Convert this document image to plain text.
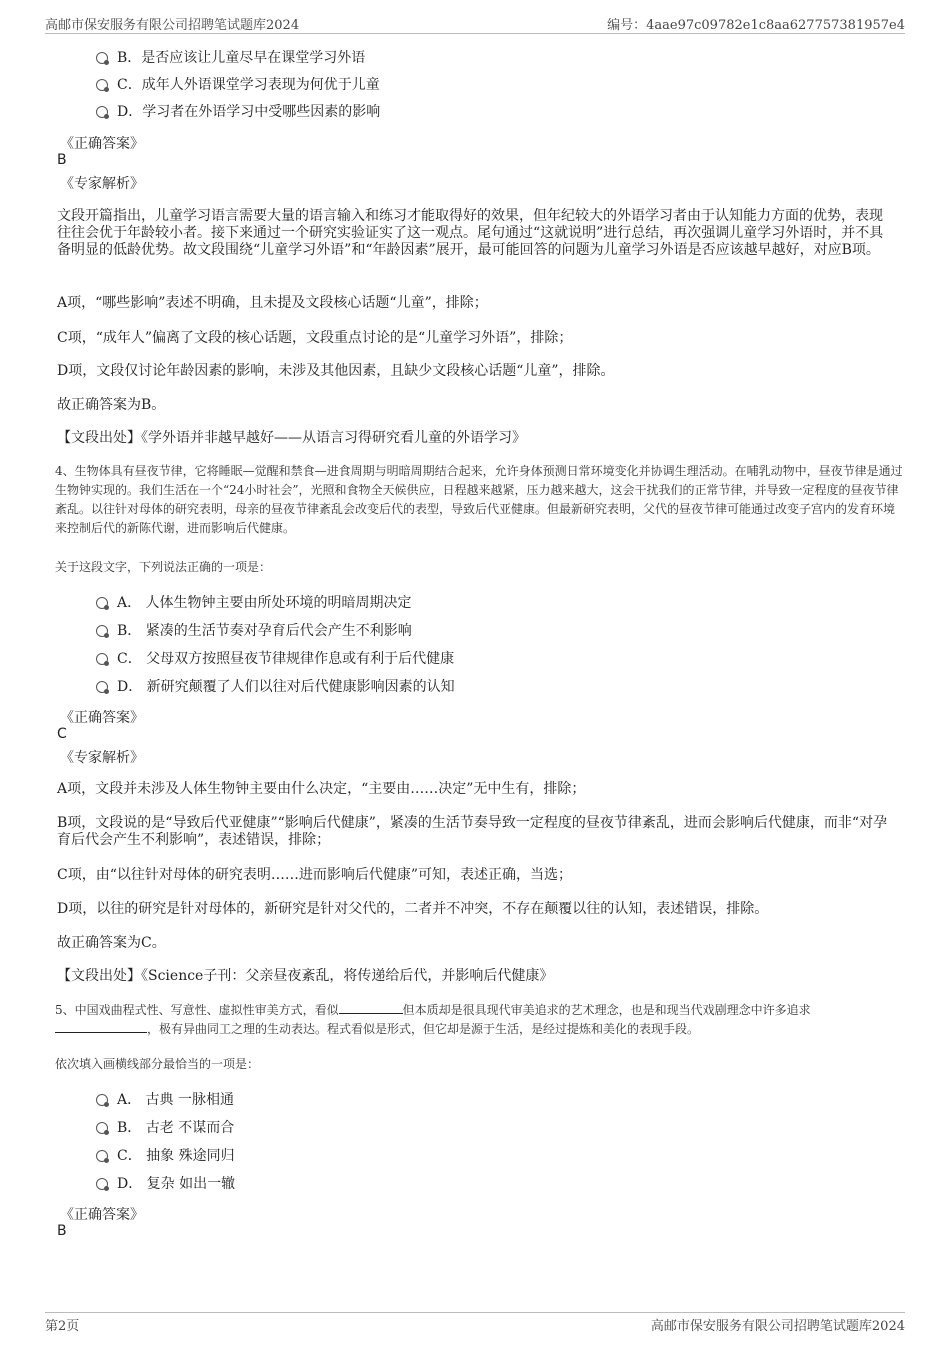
高邮市保安服务有限公司招聘笔试题库2024	编号：4aae97c09782e1c8aa627757381957e4
B．是否应该让儿童尽早在课堂学习外语
C．成年人外语课堂学习表现为何优于儿童
D．学习者在外语学习中受哪些因素的影响
《正确答案》
B
《专家解析》
文段开篇指出，儿童学习语言需要大量的语言输入和练习才能取得好的效果，但年纪较大的外语学习者由于认知能力方面的优势，表现往往会优于年龄较小者。接下来通过一个研究实验证实了这一观点。尾句通过“这就说明”进行总结，再次强调儿童学习外语时，并不具备明显的低龄优势。故文段围绕“儿童学习外语”和“年龄因素”展开，最可能回答的问题为儿童学习外语是否应该越早越好，对应B项。
A项，“哪些影响”表述不明确，且未提及文段核心话题“儿童”，排除；
C项，“成年人”偏离了文段的核心话题，文段重点讨论的是“儿童学习外语”，排除；
D项，文段仅讨论年龄因素的影响，未涉及其他因素，且缺少文段核心话题“儿童”，排除。
故正确答案为B。
【文段出处】《学外语并非越早越好——从语言习得研究看儿童的外语学习》
4、生物体具有昼夜节律，它将睡眠—觉醒和禁食—进食周期与明暗周期结合起来，允许身体预测日常环境变化并协调生理活动。在哺乳动物中，昼夜节律是通过生物钟实现的。我们生活在一个“24小时社会”，光照和食物全天候供应，日程越来越紧，压力越来越大，这会干扰我们的正常节律，并导致一定程度的昼夜节律紊乱。以往针对母体的研究表明，母亲的昼夜节律紊乱会改变后代的表型，导致后代亚健康。但最新研究表明，父代的昼夜节律可能通过改变子宫内的发育环境来控制后代的新陈代谢，进而影响后代健康。
关于这段文字，下列说法正确的一项是：
A． 人体生物钟主要由所处环境的明暗周期决定
B． 紧凑的生活节奏对孕育后代会产生不利影响
C． 父母双方按照昼夜节律规律作息或有利于后代健康
D． 新研究颠覆了人们以往对后代健康影响因素的认知
《正确答案》
C
《专家解析》
A项，文段并未涉及人体生物钟主要由什么决定，“主要由……决定”无中生有，排除；
B项，文段说的是“导致后代亚健康”“影响后代健康”，紧凑的生活节奏导致一定程度的昼夜节律紊乱，进而会影响后代健康，而非“对孕育后代会产生不利影响”，表述错误，排除；
C项，由“以往针对母体的研究表明……进而影响后代健康”可知，表述正确，当选；
D项，以往的研究是针对母体的，新研究是针对父代的，二者并不冲突，不存在颠覆以往的认知，表述错误，排除。
故正确答案为C。
【文段出处】《Science子刊：父亲昼夜紊乱，将传递给后代，并影响后代健康》
5、中国戏曲程式性、写意性、虚拟性审美方式，看似	但本质却是很具现代审美追求的艺术理念，也是和现当代戏剧理念中许多追求
，极有异曲同工之理的生动表达。程式看似是形式，但它却是源于生活，是经过提炼和美化的表现手段。
依次填入画横线部分最恰当的一项是：
A． 古典 一脉相通
B． 古老 不谋而合
C． 抽象 殊途同归
D． 复杂 如出一辙
《正确答案》
B
第2页	高邮市保安服务有限公司招聘笔试题库2024
